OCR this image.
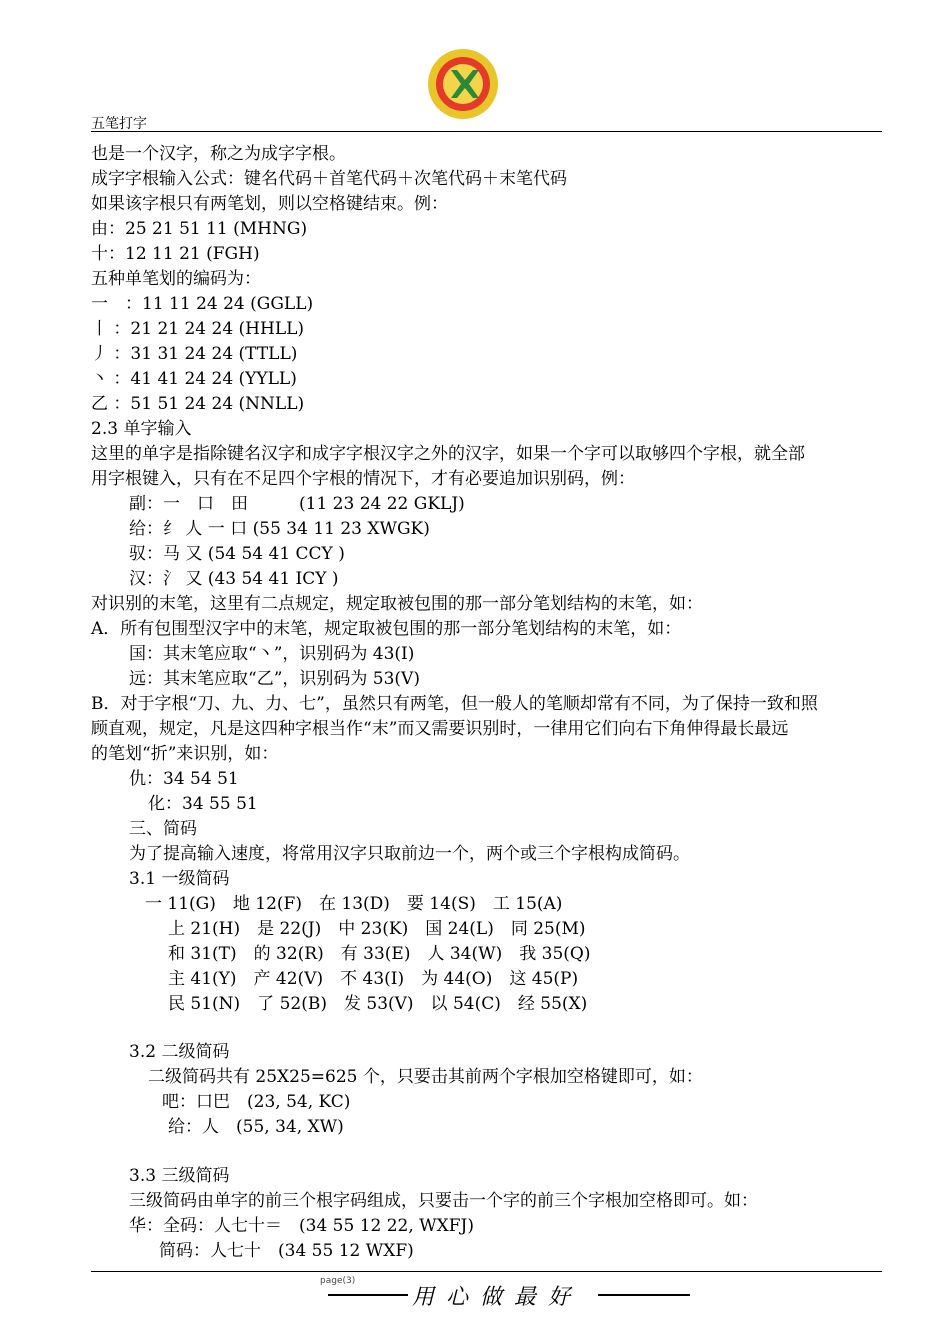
五笔打字
也是一个汉字，称之为成字字根。
成字字根输入公式：键名代码＋首笔代码＋次笔代码＋末笔代码
如果该字根只有两笔划，则以空格键结束。例：
由：25 21 51 11 (MHNG)
十：12 11 21 (FGH)
五种单笔划的编码为：
一　：11 11 24 24 (GGLL)
丨 ：21 21 24 24 (HHLL)
丿 ：31 31 24 24 (TTLL)
丶 ：41 41 24 24 (YYLL)
乙 ：51 51 24 24 (NNLL)
2.3 单字输入
这里的单字是指除键名汉字和成字字根汉字之外的汉字，如果一个字可以取够四个字根，就全部
用字根键入，只有在不足四个字根的情况下，才有必要追加识别码，例：
副：一　口　田　　　(11 23 24 22 GKLJ)
给：纟 人 一 口 (55 34 11 23 XWGK)
驭：马 又 (54 54 41 CCY )
汉：氵 又 (43 54 41 ICY )
对识别的末笔，这里有二点规定，规定取被包围的那一部分笔划结构的末笔，如：
A．所有包围型汉字中的末笔，规定取被包围的那一部分笔划结构的末笔，如：
国：其末笔应取“丶”，识别码为 43(I)
远：其末笔应取“乙”，识别码为 53(V)
B．对于字根“刀、九、力、七”，虽然只有两笔，但一般人的笔顺却常有不同，为了保持一致和照
顾直观，规定，凡是这四种字根当作“末”而又需要识别时，一律用它们向右下角伸得最长最远
的笔划“折”来识别，如：
仇：34 54 51
化：34 55 51
三、简码
为了提高输入速度，将常用汉字只取前边一个，两个或三个字根构成简码。
3.1 一级简码
一 11(G)　地 12(F)　在 13(D)　要 14(S)　工 15(A)
上 21(H)　是 22(J)　中 23(K)　国 24(L)　同 25(M)
和 31(T)　的 32(R)　有 33(E)　人 34(W)　我 35(Q)
主 41(Y)　产 42(V)　不 43(I)　为 44(O)　这 45(P)
民 51(N)　了 52(B)　发 53(V)　以 54(C)　经 55(X)
3.2 二级简码
二级简码共有 25X25=625 个，只要击其前两个字根加空格键即可，如：
吧：口巴　(23, 54, KC)
给：人　(55, 34, XW)
3.3 三级简码
三级简码由单字的前三个根字码组成，只要击一个字的前三个字根加空格即可。如：
华：全码：人七十＝　(34 55 12 22, WXFJ)
简码：人七十　(34 55 12 WXF)
page(3)
用心做最好
